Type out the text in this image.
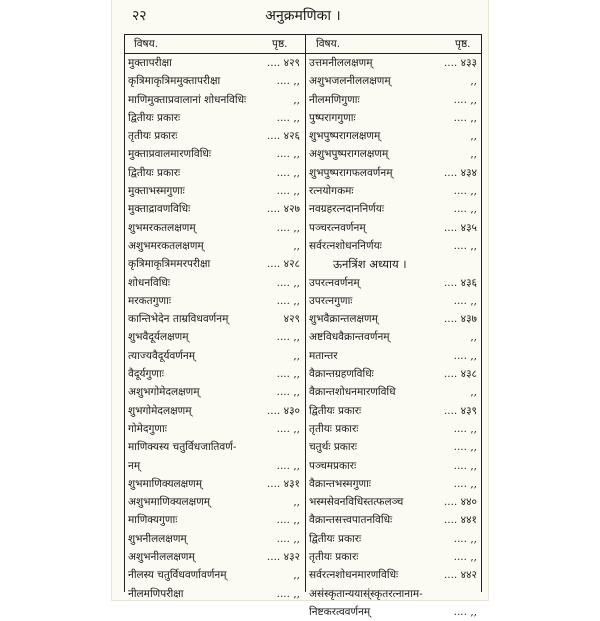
२२	अनुक्रमणिका ।
विषय.	पृष्ठ.	विषय.	पृष्ठ.
मुक्तापरीक्षा	.... ४२९
कृत्रिमाकृत्रिममुक्तापरीक्षा	.... ,,
माणिमुक्ताप्रवालानां शोधनविधिः	,,
द्वितीयः प्रकारः	.... ,,
तृतीयः प्रकारः	.... ४२६
मुक्ताप्रवालमारणविधिः	.... ,,
द्वितीयः प्रकारः	.... ,,
मुक्ताभस्मगुणाः	.... ,,
मुक्ताद्रावणविधिः	.... ४२७
शुभमरकतलक्षणम्	.... ,,
अशुभमरकतलक्षणम्	,,
कृत्रिमाकृत्रिममरपरीक्षा	.... ४२८
शोधनविधिः	.... ,,
मरकतगुणाः	.... ,,
कान्तिभेदेन ताम्रविधवर्णनम्	४२९
शुभवैदूर्यलक्षणम्	.... ,,
त्याज्यवैदूर्यवर्णनम्	,,
वैदूर्यगुणाः	.... ,,
अशुभगोमेदलक्षणम्	.... ,,
शुभगोमेदलक्षणम्	.... ४३०
गोमेदगुणाः	.... ,,
माणिक्यस्य चतुर्विधजातिवर्ण-
नम्	.... ,,
शुभमाणिक्यलक्षणम्	.... ४३१
अशुभमाणिक्यलक्षणम्	,,
माणिक्यगुणाः	.... ,,
शुभनीललक्षणम्	.... ,,
अशुभनीललक्षणम्	.... ४३२
नीलस्य चतुर्विधवर्णावर्णनम्	,,
नीलमणिपरीक्षा	.... ,,
उत्तमनीललक्षणम्	.... ४३३
अशुभजलनीललक्षणम्	,,
नीलमणिगुणाः	.... ,,
पुष्परागगुणाः	.... ,,
शुभपुष्परागलक्षणम्	,,
अशुभपुष्परागलक्षणम्	,,
शुभपुष्परागफलवर्णनम्	.... ४३४
रत्नयोगकमः	.... ,,
नवग्रहरत्नदाननिर्णयः	.... ,,
पञ्चरत्नवर्णनम्	.... ४३५
सर्वरत्नशोधननिर्णयः	.... ,,
ऊनत्रिंश अध्याय ।
उपरत्नवर्णनम्	.... ४३६
उपरत्नगुणाः	.... ,,
शुभवैक्रान्तलक्षणम्	.... ४३७
अष्टविधवैक्रान्तवर्णनम्	,,
मतान्तर	.... ,,
वैक्रान्तग्रहणविधिः	.... ४३८
वैक्रान्तशोधनमारणविधि	,,
द्वितीयः प्रकारः	.... ४३९
तृतीयः प्रकारः	.... ,,
चतुर्थः प्रकारः	.... ,,
पञ्चमप्रकारः	.... ,,
वैक्रान्तभस्मगुणाः	.... ,,
भस्मसेवनविधिस्तत्फलञ्च	.... ४४०
वैक्रान्तसत्त्वपातनविधिः	.... ४४१
द्वितीयः प्रकारः	.... ,,
तृतीयः प्रकारः	.... ,,
सर्वरत्नशोधनमारणविधिः	.... ४४२
असंस्कृतान्ययास्ंस्कृतरत्नानाम-
निष्टकरत्ववर्णनम्	.... ,,
